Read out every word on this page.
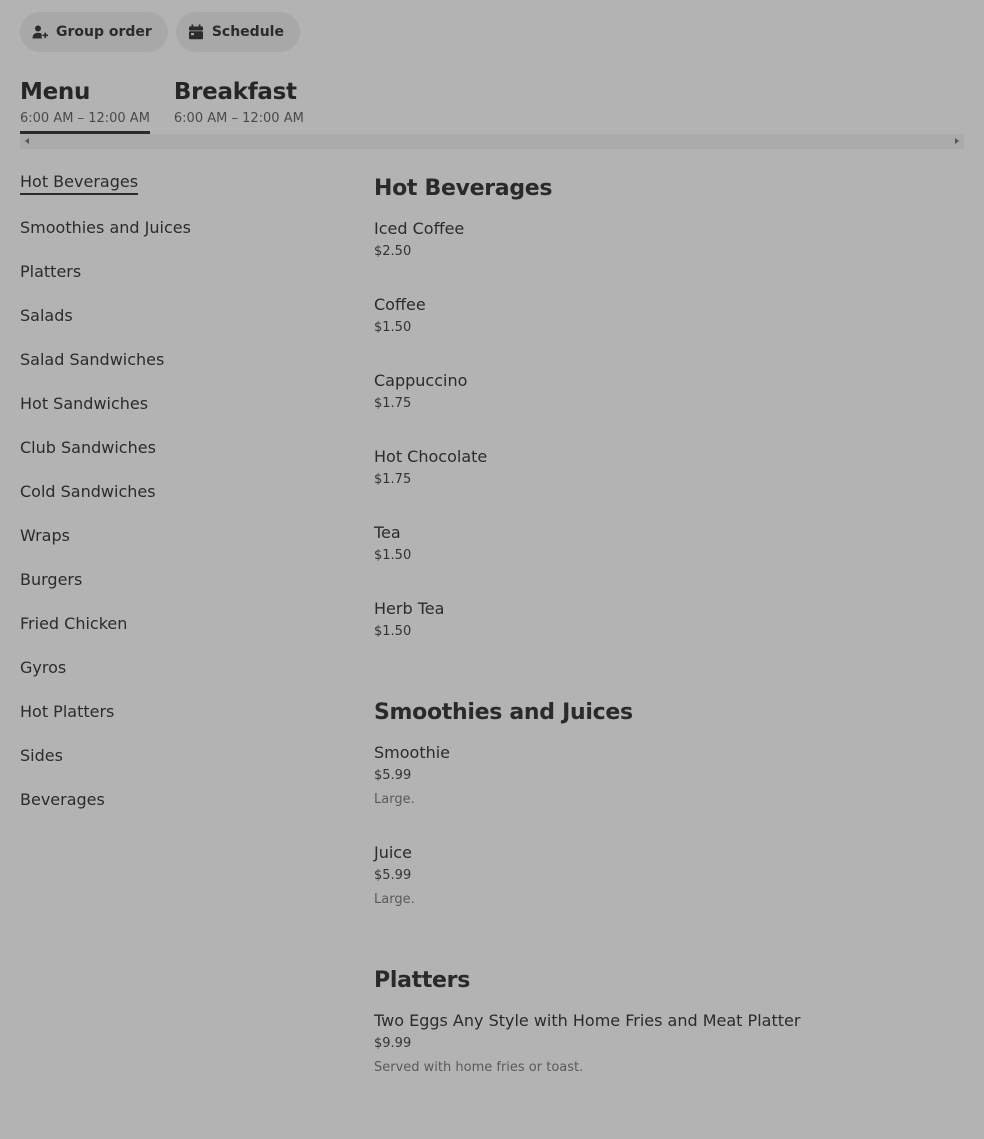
Group order	Schedule
Menu
6:00 AM – 12:00 AM
Breakfast
6:00 AM – 12:00 AM
Hot Beverages
Smoothies and Juices
Platters
Salads
Salad Sandwiches
Hot Sandwiches
Club Sandwiches
Cold Sandwiches
Wraps
Burgers
Fried Chicken
Gyros
Hot Platters
Sides
Beverages
Hot Beverages
Iced Coffee
$2.50
Coffee
$1.50
Cappuccino
$1.75
Hot Chocolate
$1.75
Tea
$1.50
Herb Tea
$1.50
Smoothies and Juices
Smoothie
$5.99
Large.
Juice
$5.99
Large.
Platters
Two Eggs Any Style with Home Fries and Meat Platter
$9.99
Served with home fries or toast.
